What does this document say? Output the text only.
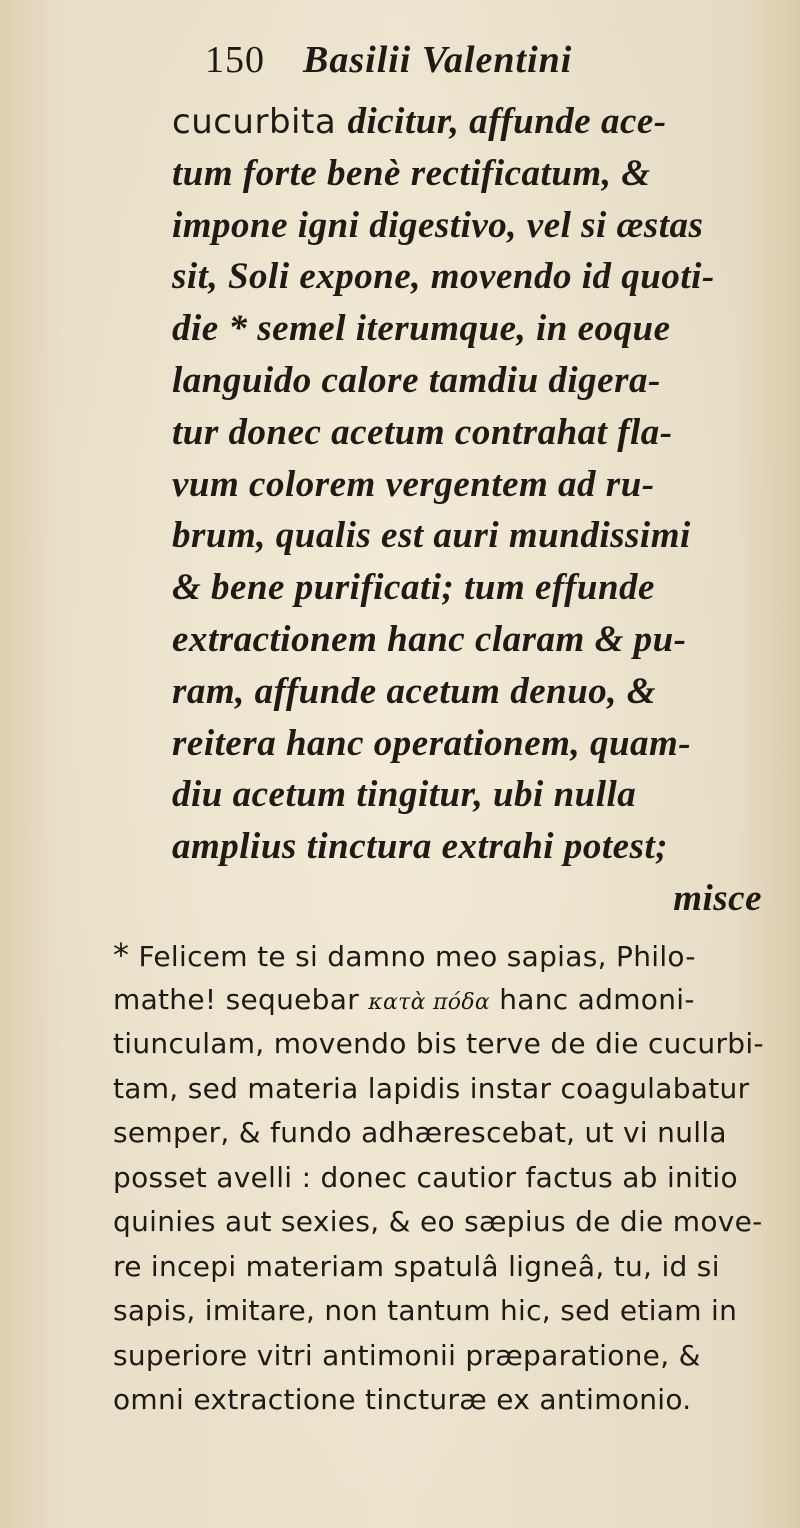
150 Basilii Valentini
cucurbita dicitur, affunde ace-
tum forte benè rectificatum, &
impone igni digestivo, vel si æstas
sit, Soli expone, movendo id quoti-
die * semel iterumque, in eoque
languido calore tamdiu digera-
tur donec acetum contrahat fla-
vum colorem vergentem ad ru-
brum, qualis est auri mundissimi
& bene purificati; tum effunde
extractionem hanc claram & pu-
ram, affunde acetum denuo, &
reitera hanc operationem, quam-
diu acetum tingitur, ubi nulla
amplius tinctura extrahi potest;
misce
* Felicem te si damno meo sapias, Philo-
mathe! sequebar κατὰ πόδα hanc admoni-
tiunculam, movendo bis terve de die cucurbi-
tam, sed materia lapidis instar coagulabatur
semper, & fundo adhærescebat, ut vi nulla
posset avelli : donec cautior factus ab initio
quinies aut sexies, & eo sæpius de die move-
re incepi materiam spatulâ ligneâ, tu, id si
sapis, imitare, non tantum hic, sed etiam in
superiore vitri antimonii præparatione, &
omni extractione tincturæ ex antimonio.
